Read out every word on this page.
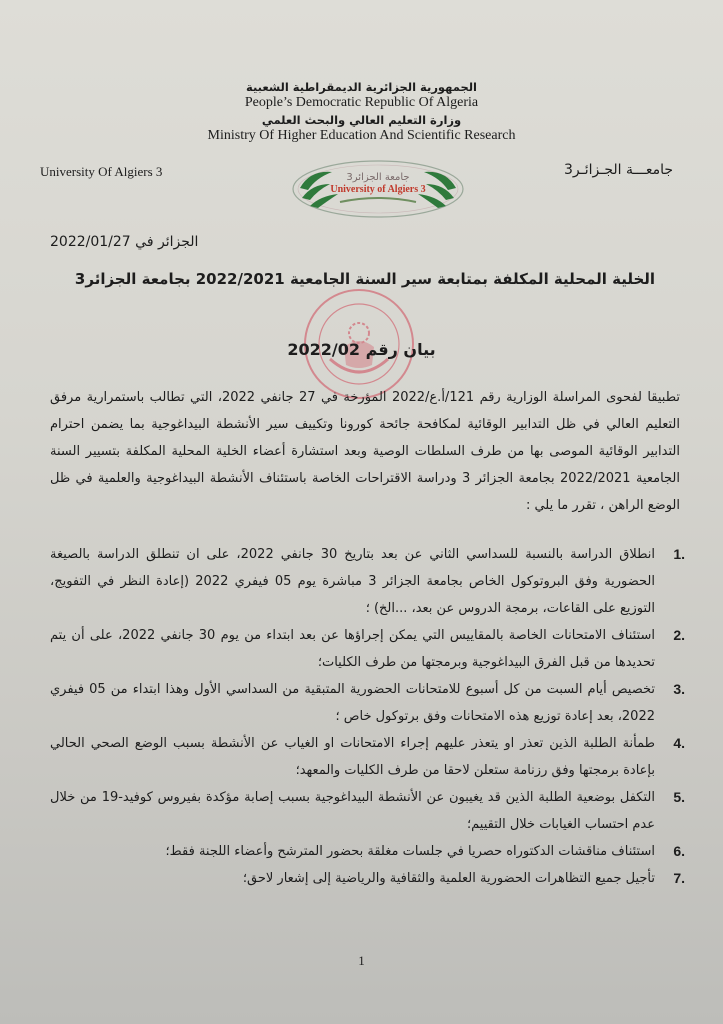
الجمهورية الجزائرية الديمقراطية الشعبية
People’s Democratic Republic Of Algeria
وزارة التعليم العالي والبحث العلمي
Ministry Of Higher Education And Scientific Research
University Of Algiers 3	جامعـــة الجـزائـر3
جامعة الجزائر3
University of Algiers 3
الجزائر في 2022/01/27
الخلية المحلية المكلفة بمتابعة سير السنة الجامعية 2022/2021 بجامعة الجزائر3
بيان رقم 2022/02
تطبيقا لفحوى المراسلة الوزارية رقم 121/أ.ع/2022 المؤرخة في 27 جانفي 2022، التي تطالب باستمرارية مرفق التعليم العالي في ظل التدابير الوقائية لمكافحة جائحة كورونا وتكييف سير الأنشطة البيداغوجية بما يضمن احترام التدابير الوقائية الموصى بها من طرف السلطات الوصية وبعد استشارة أعضاء الخلية المحلية المكلفة بتسيير السنة الجامعية 2022/2021 بجامعة الجزائر 3 ودراسة الاقتراحات الخاصة باستئناف الأنشطة البيداغوجية والعلمية في ظل الوضع الراهن ، تقرر ما يلي :
1.
انطلاق الدراسة بالنسبة للسداسي الثاني عن بعد بتاريخ 30 جانفي 2022، على ان تنطلق الدراسة بالصيغة الحضورية وفق البروتوكول الخاص بجامعة الجزائر 3 مباشرة يوم 05 فيفري 2022 (إعادة النظر في التفويج، التوزيع على القاعات، برمجة الدروس عن بعد، ...الخ) ؛
2.
استئناف الامتحانات الخاصة بالمقاييس التي يمكن إجراؤها عن بعد ابتداء من يوم 30 جانفي 2022، على أن يتم تحديدها من قبل الفرق البيداغوجية وبرمجتها من طرف الكليات؛
3.
تخصيص أيام السبت من كل أسبوع للامتحانات الحضورية المتبقية من السداسي الأول وهذا ابتداء من 05 فيفري 2022، بعد إعادة توزيع هذه الامتحانات وفق برتوكول خاص ؛
4.
طمأنة الطلبة الذين تعذر او يتعذر عليهم إجراء الامتحانات او الغياب عن الأنشطة بسبب الوضع الصحي الحالي بإعادة برمجتها وفق رزنامة ستعلن لاحقا من طرف الكليات والمعهد؛
5.
التكفل بوضعية الطلبة الذين قد يغيبون عن الأنشطة البيداغوجية بسبب إصابة مؤكدة بفيروس كوفيد-19 من خلال عدم احتساب الغيابات خلال التقييم؛
6.
استئناف مناقشات الدكتوراه حصريا في جلسات مغلقة بحضور المترشح وأعضاء اللجنة فقط؛
7.
تأجيل جميع التظاهرات الحضورية العلمية والثقافية والرياضية إلى إشعار لاحق؛
1
